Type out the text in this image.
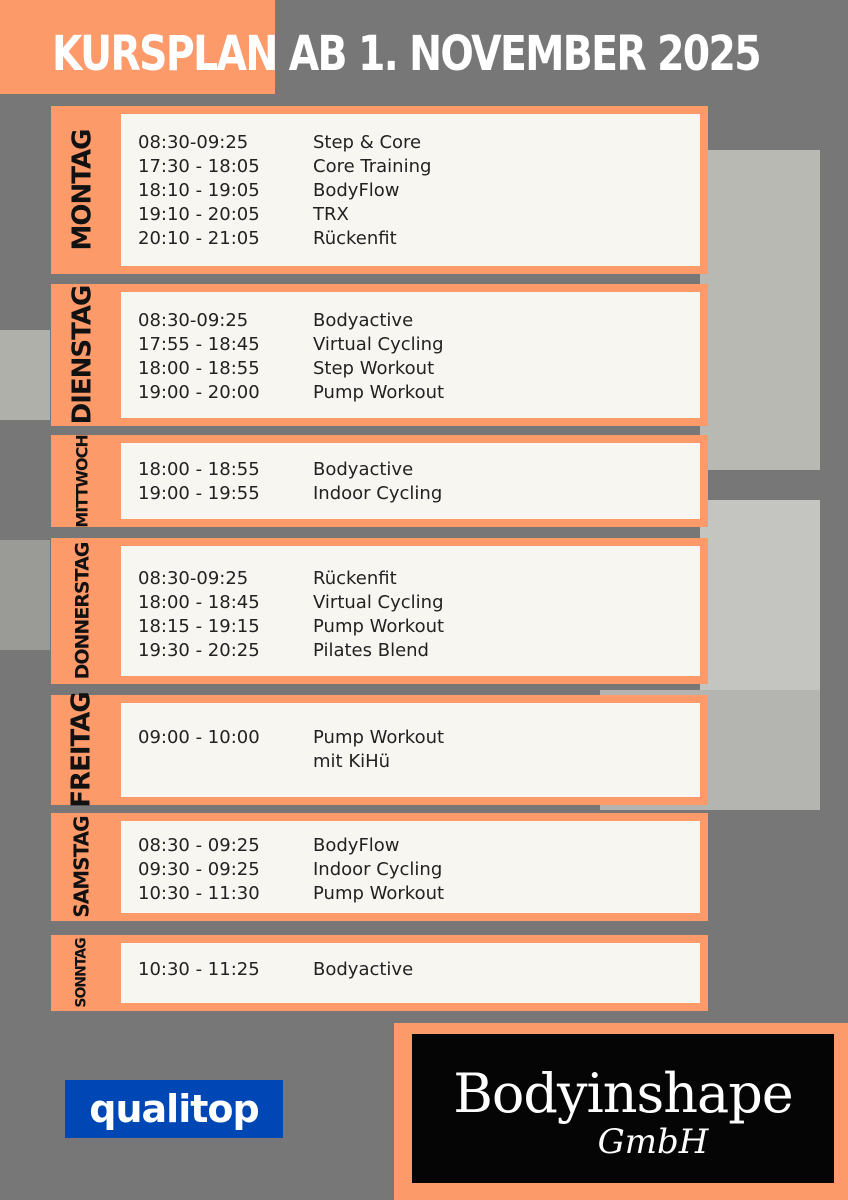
KURSPLAN AB 1. NOVEMBER 2025
MONTAG	08:30-09:25	Step & Core
17:30 - 18:05	Core Training
18:10 - 19:05	BodyFlow
19:10 - 20:05	TRX
20:10 - 21:05	Rückenfit
DIENSTAG	08:30-09:25	Bodyactive
17:55 - 18:45	Virtual Cycling
18:00 - 18:55	Step Workout
19:00 - 20:00	Pump Workout
MITTWOCH	18:00 - 18:55	Bodyactive
19:00 - 19:55	Indoor Cycling
DONNERSTAG	08:30-09:25	Rückenfit
18:00 - 18:45	Virtual Cycling
18:15 - 19:15	Pump Workout
19:30 - 20:25	Pilates Blend
FREITAG	09:00 - 10:00	Pump Workout
mit KiHü
SAMSTAG	08:30 - 09:25	BodyFlow
09:30 - 09:25	Indoor Cycling
10:30 - 11:30	Pump Workout
SONNTAG	10:30 - 11:25	Bodyactive
qualitop	Bodyinshape
GmbH
